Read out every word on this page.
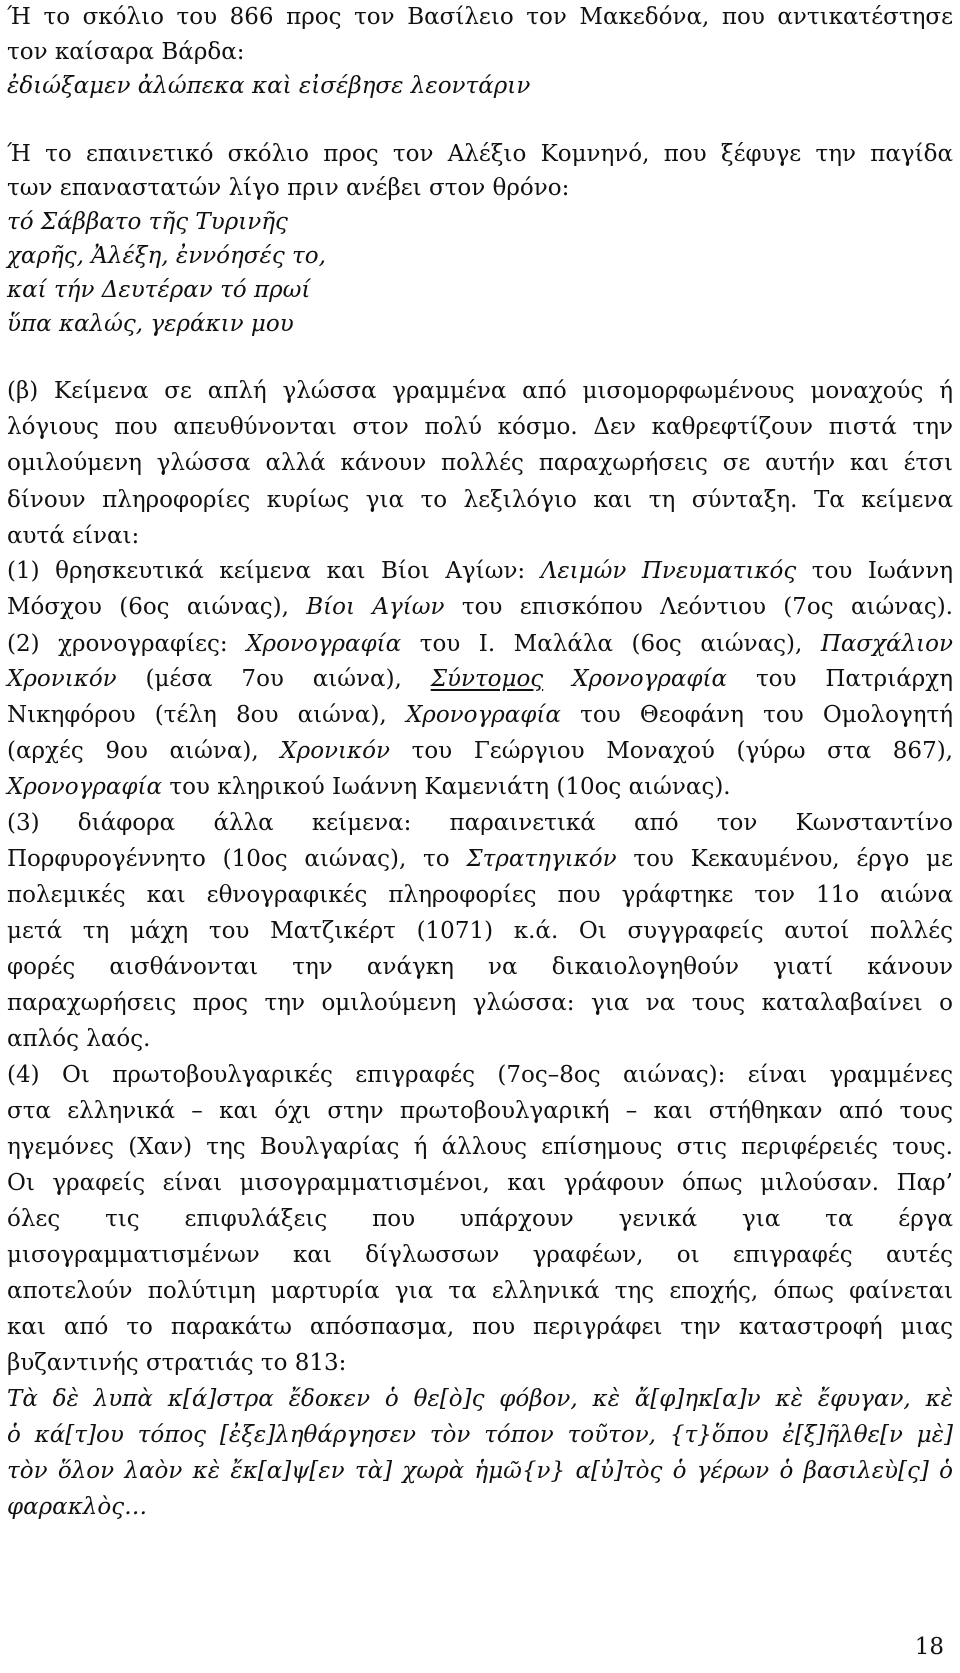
Ή το σκόλιο του 866 προς τον Βασίλειο τον Μακεδόνα, που αντικατέστησε
τον καίσαρα Βάρδα:
ἐδιώξαμεν ἀλώπεκα καὶ εἰσέβησε λεοντάριν
Ή το επαινετικό σκόλιο προς τον Αλέξιο Κομνηνό, που ξέφυγε την παγίδα
των επαναστατών λίγο πριν ανέβει στον θρόνο:
τό Σάββατο τῆς Τυρινῆς
χαρῆς, Ἀλέξη, ἐννόησές το,
καί τήν Δευτέραν τό πρωί
ὕπα καλώς, γεράκιν μου
(β) Κείμενα σε απλή γλώσσα γραμμένα από μισομορφωμένους μοναχούς ή
λόγιους που απευθύνονται στον πολύ κόσμο. Δεν καθρεφτίζουν πιστά την
ομιλούμενη γλώσσα αλλά κάνουν πολλές παραχωρήσεις σε αυτήν και έτσι
δίνουν πληροφορίες κυρίως για το λεξιλόγιο και τη σύνταξη. Τα κείμενα
αυτά είναι:
(1) θρησκευτικά κείμενα και Βίοι Αγίων: Λειμών Πνευματικός του Ιωάννη
Μόσχου (6ος αιώνας), Βίοι Αγίων του επισκόπου Λεόντιου (7ος αιώνας).
(2) χρονογραφίες: Χρονογραφία του Ι. Μαλάλα (6ος αιώνας), Πασχάλιον
Χρονικόν (μέσα 7ου αιώνα), Σύντομος Χρονογραφία του Πατριάρχη
Νικηφόρου (τέλη 8ου αιώνα), Χρονογραφία του Θεοφάνη του Ομολογητή
(αρχές 9ου αιώνα), Χρονικόν του Γεώργιου Μοναχού (γύρω στα 867),
Χρονογραφία του κληρικού Ιωάννη Καμενιάτη (10ος αιώνας).
(3) διάφορα άλλα κείμενα: παραινετικά από τον Κωνσταντίνο
Πορφυρογέννητο (10ος αιώνας), το Στρατηγικόν του Κεκαυμένου, έργο με
πολεμικές και εθνογραφικές πληροφορίες που γράφτηκε τον 11ο αιώνα
μετά τη μάχη του Ματζικέρτ (1071) κ.ά. Οι συγγραφείς αυτοί πολλές
φορές αισθάνονται την ανάγκη να δικαιολογηθούν γιατί κάνουν
παραχωρήσεις προς την ομιλούμενη γλώσσα: για να τους καταλαβαίνει ο
απλός λαός.
(4) Οι πρωτοβουλγαρικές επιγραφές (7ος–8ος αιώνας): είναι γραμμένες
στα ελληνικά – και όχι στην πρωτοβουλγαρική – και στήθηκαν από τους
ηγεμόνες (Χαν) της Βουλγαρίας ή άλλους επίσημους στις περιφέρειές τους.
Οι γραφείς είναι μισογραμματισμένοι, και γράφουν όπως μιλούσαν. Παρ’
όλες τις επιφυλάξεις που υπάρχουν γενικά για τα έργα
μισογραμματισμένων και δίγλωσσων γραφέων, οι επιγραφές αυτές
αποτελούν πολύτιμη μαρτυρία για τα ελληνικά της εποχής, όπως φαίνεται
και από το παρακάτω απόσπασμα, που περιγράφει την καταστροφή μιας
βυζαντινής στρατιάς το 813:
Τὰ δὲ λυπὰ κ[ά]στρα ἔδοκεν ὁ θε[ὸ]ς φόβον, κὲ ἄ[φ]ηκ[α]ν κὲ ἔφυγαν, κὲ
ὁ κά[τ]ου τόπος [ἐξε]ληθάργησεν τὸν τόπον τοῦτον, {τ}ὅπου ἐ[ξ]ῆλθε[ν μὲ]
τὸν ὅλον λαὸν κὲ ἔκ[α]ψ[εν τὰ] χωρὰ ἡμῶ{ν} α[ὐ]τὸς ὁ γέρων ὁ βασιλεὺ[ς] ὁ
φαρακλὸς…
18
